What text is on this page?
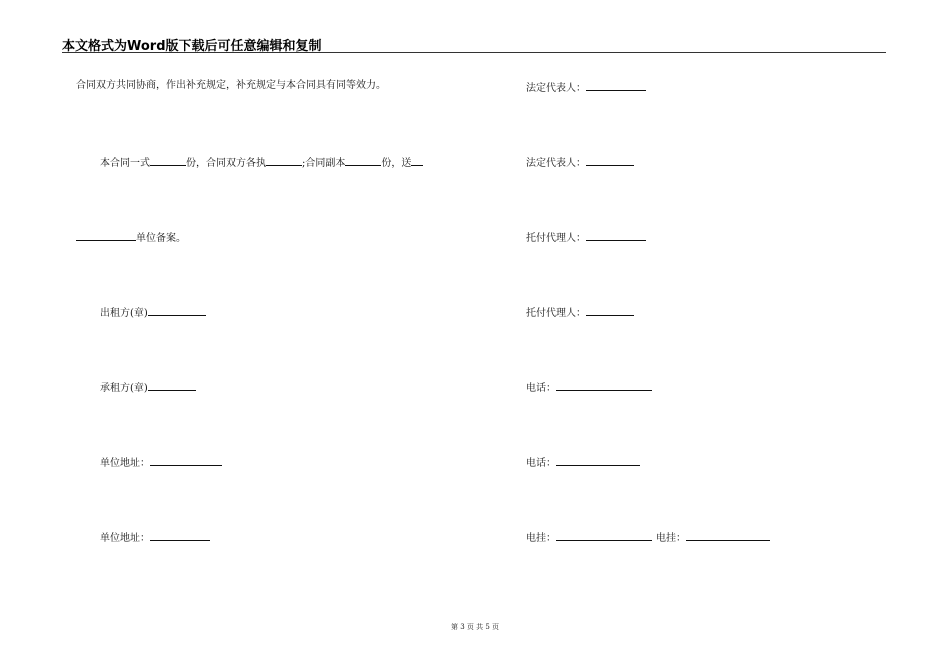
本文格式为Word版下载后可任意编辑和复制
合同双方共同协商，作出补充规定，补充规定与本合同具有同等效力。
本合同一式	份，合同双方各执	;合同副本	份，送
单位备案。
出租方(章)
承租方(章)
单位地址：
单位地址：
法定代表人：
法定代表人：
托付代理人：
托付代理人：
电话：
电话：
电挂：	电挂：
第 3 页 共 5 页
